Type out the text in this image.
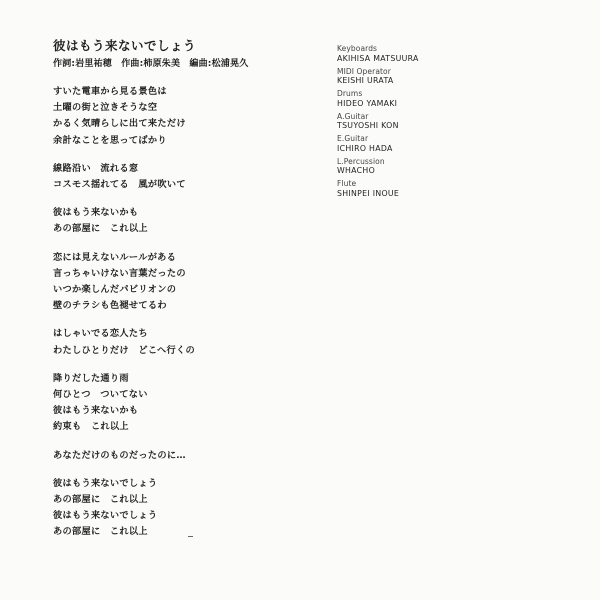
彼はもう来ないでしょう
作詞:岩里祐穂　作曲:柿原朱美　編曲:松浦晃久
すいた電車から見る景色は
土曜の街と泣きそうな空
かるく気晴らしに出て来ただけ
余計なことを思ってばかり
線路沿い　流れる窓
コスモス揺れてる　風が吹いて
彼はもう来ないかも
あの部屋に　これ以上
恋には見えないルールがある
言っちゃいけない言葉だったの
いつか楽しんだパビリオンの
壁のチラシも色褪せてるわ
はしゃいでる恋人たち
わたしひとりだけ　どこへ行くの
降りだした通り雨
何ひとつ　ついてない
彼はもう来ないかも
約束も　これ以上
あなただけのものだったのに…
彼はもう来ないでしょう
あの部屋に　これ以上
彼はもう来ないでしょう
あの部屋に　これ以上
Keyboards
AKIHISA MATSUURA
MIDI Operator
KEISHI URATA
Drums
HIDEO YAMAKI
A.Guitar
TSUYOSHI KON
E.Guitar
ICHIRO HADA
L.Percussion
WHACHO
Flute
SHINPEI INOUE
